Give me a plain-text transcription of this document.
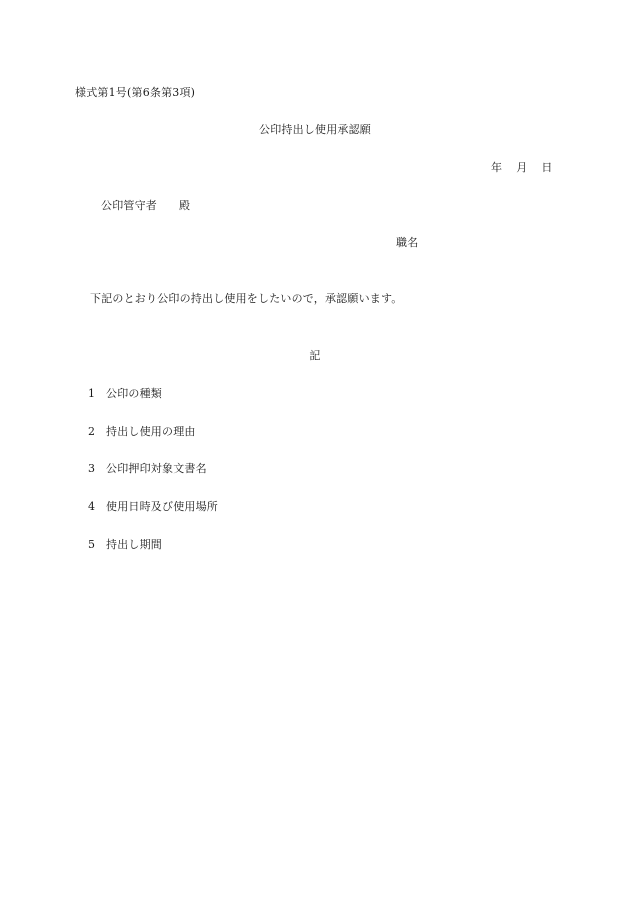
様式第1号(第6条第3項)
公印持出し使用承認願
年 月 日
公印管守者 殿
職名
下記のとおり公印の持出し使用をしたいので，承認願います。
記
1 公印の種類
2 持出し使用の理由
3 公印押印対象文書名
4 使用日時及び使用場所
5 持出し期間
